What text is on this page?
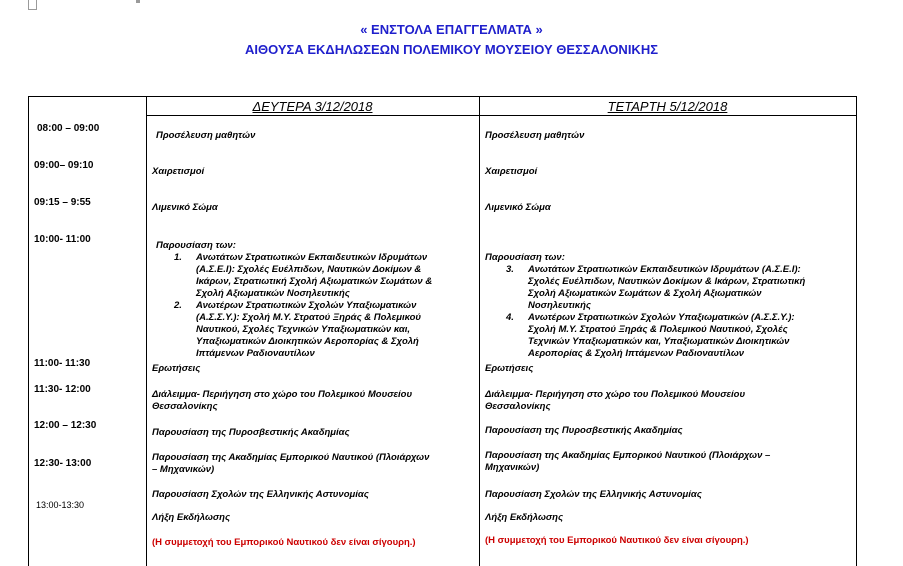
« ΕΝΣΤΟΛΑ ΕΠΑΓΓΕΛΜΑΤΑ »
ΑΙΘΟΥΣΑ ΕΚΔΗΛΩΣΕΩΝ ΠΟΛΕΜΙΚΟΥ ΜΟΥΣΕΙΟΥ ΘΕΣΣΑΛΟΝΙΚΗΣ
ΔΕΥΤΕΡΑ 3/12/2018	ΤΕΤΑΡΤΗ 5/12/2018
08:00 – 09:00
09:00– 09:10
09:15 – 9:55
10:00- 11:00
11:00- 11:30
11:30- 12:00
12:00 – 12:30
12:30- 13:00
13:00-13:30
Προσέλευση μαθητών
Χαιρετισμοί
Λιμενικό Σώμα
Παρουσίαση των:
1. Ανωτάτων Στρατιωτικών Εκπαιδευτικών Ιδρυμάτων
(Α.Σ.Ε.Ι): Σχολές Ευέλπιδων, Ναυτικών Δοκίμων &
Ικάρων, Στρατιωτική Σχολή Αξιωματικών Σωμάτων &
Σχολή Αξιωματικών Νοσηλευτικής
2. Ανωτέρων Στρατιωτικών Σχολών Υπαξιωματικών
(Α.Σ.Σ.Υ.): Σχολή Μ.Υ. Στρατού Ξηράς & Πολεμικού
Ναυτικού, Σχολές Τεχνικών Υπαξιωματικών και,
Υπαξιωματικών Διοικητικών Αεροπορίας & Σχολή
Ιπτάμενων Ραδιοναυτίλων
Ερωτήσεις
Διάλειμμα- Περιήγηση στο χώρο του Πολεμικού Μουσείου
Θεσσαλονίκης
Παρουσίαση της Πυροσβεστικής Ακαδημίας
Παρουσίαση της Ακαδημίας Εμπορικού Ναυτικού (Πλοιάρχων
– Μηχανικών)
Παρουσίαση Σχολών της Ελληνικής Αστυνομίας
Λήξη Εκδήλωσης
(Η συμμετοχή του Εμπορικού Ναυτικού δεν είναι σίγουρη.)
Προσέλευση μαθητών
Χαιρετισμοί
Λιμενικό Σώμα
Παρουσίαση των:
3. Ανωτάτων Στρατιωτικών Εκπαιδευτικών Ιδρυμάτων (Α.Σ.Ε.Ι):
Σχολές Ευέλπιδων, Ναυτικών Δοκίμων & Ικάρων, Στρατιωτική
Σχολή Αξιωματικών Σωμάτων & Σχολή Αξιωματικών
Νοσηλευτικής
4. Ανωτέρων Στρατιωτικών Σχολών Υπαξιωματικών (Α.Σ.Σ.Υ.):
Σχολή Μ.Υ. Στρατού Ξηράς & Πολεμικού Ναυτικού, Σχολές
Τεχνικών Υπαξιωματικών και, Υπαξιωματικών Διοικητικών
Αεροπορίας & Σχολή Ιπτάμενων Ραδιοναυτίλων
Ερωτήσεις
Διάλειμμα- Περιήγηση στο χώρο του Πολεμικού Μουσείου
Θεσσαλονίκης
Παρουσίαση της Πυροσβεστικής Ακαδημίας
Παρουσίαση της Ακαδημίας Εμπορικού Ναυτικού (Πλοιάρχων –
Μηχανικών)
Παρουσίαση Σχολών της Ελληνικής Αστυνομίας
Λήξη Εκδήλωσης
(Η συμμετοχή του Εμπορικού Ναυτικού δεν είναι σίγουρη.)
